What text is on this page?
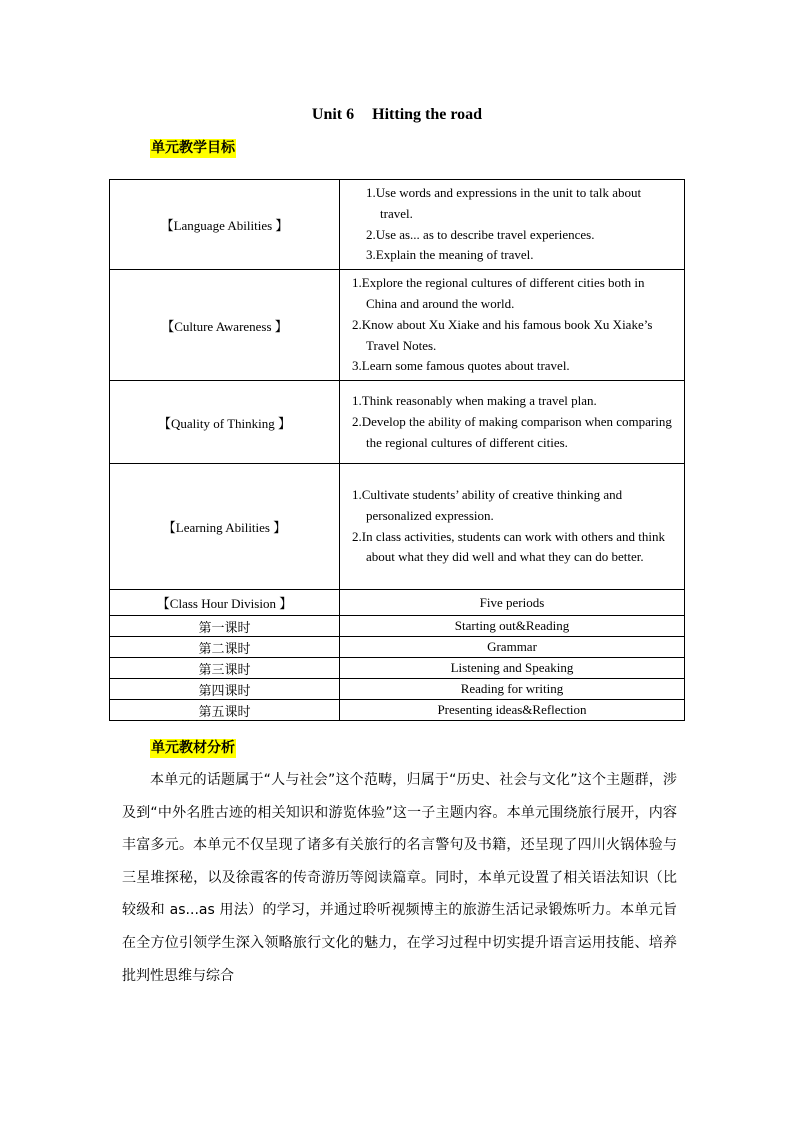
Unit 6 Hitting the road
单元教学目标
【Language Abilities 】	1.Use words and expressions in the unit to talk about travel.
2.Use as... as to describe travel experiences.
3.Explain the meaning of travel.

【Culture Awareness 】	1.Explore the regional cultures of different cities both in China and around the world.
2.Know about Xu Xiake and his famous book Xu Xiake’s Travel Notes.
3.Learn some famous quotes about travel.

【Quality of Thinking 】	1.Think reasonably when making a travel plan.
2.Develop the ability of making comparison when comparing the regional cultures of different cities.

【Learning Abilities 】	1.Cultivate students’ ability of creative thinking and personalized expression.
2.In class activities, students can work with others and think about what they did well and what they can do better.

【Class Hour Division 】	Five periods
第一课时	Starting out&Reading
第二课时	Grammar
第三课时	Listening and Speaking
第四课时	Reading for writing
第五课时	Presenting ideas&Reflection
单元教材分析
本单元的话题属于“人与社会”这个范畴，归属于“历史、社会与文化”这个主题群，涉及到“中外名胜古迹的相关知识和游览体验”这一子主题内容。本单元围绕旅行展开，内容丰富多元。本单元不仅呈现了诸多有关旅行的名言警句及书籍，还呈现了四川火锅体验与三星堆探秘，以及徐霞客的传奇游历等阅读篇章。同时，本单元设置了相关语法知识（比较级和 as...as 用法）的学习，并通过聆听视频博主的旅游生活记录锻炼听力。本单元旨在全方位引领学生深入领略旅行文化的魅力，在学习过程中切实提升语言运用技能、培养批判性思维与综合
